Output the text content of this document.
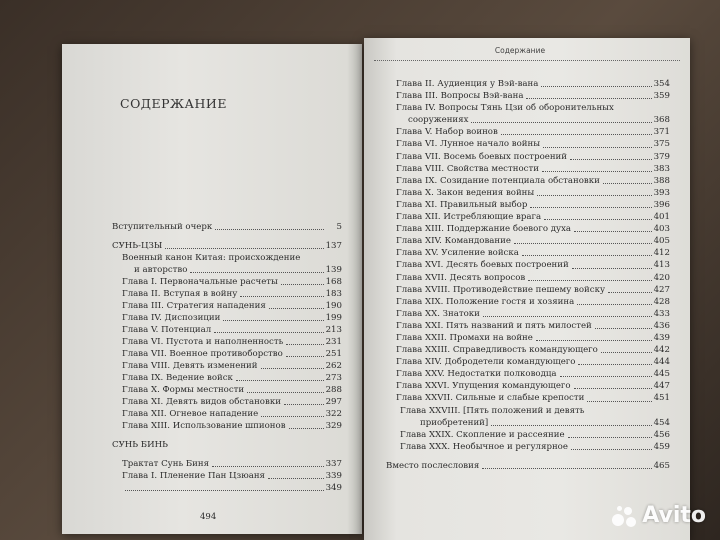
СОДЕРЖАНИЕ
Вступительный очерк	5
СУНЬ-ЦЗЫ	137
Военный канон Китая: происхождение
и авторство	139
Глава I. Первоначальные расчеты	168
Глава II. Вступая в войну	183
Глава III. Стратегия нападения	190
Глава IV. Диспозиции	199
Глава V. Потенциал	213
Глава VI. Пустота и наполненность	231
Глава VII. Военное противоборство	251
Глава VIII. Девять изменений	262
Глава IX. Ведение войск	273
Глава X. Формы местности	288
Глава XI. Девять видов обстановки	297
Глава XII. Огневое нападение	322
Глава XIII. Использование шпионов	329
СУНЬ БИНЬ
Трактат Сунь Биня	337
Глава I. Пленение Пан Цзюаня	339
349
494
Содержание
Глава II. Аудиенция у Вэй-вана	354
Глава III. Вопросы Вэй-вана	359
Глава IV. Вопросы Тянь Цзи об оборонительных
сооружениях	368
Глава V. Набор воинов	371
Глава VI. Лунное начало войны	375
Глава VII. Восемь боевых построений	379
Глава VIII. Свойства местности	383
Глава IX. Созидание потенциала обстановки	388
Глава X. Закон ведения войны	393
Глава XI. Правильный выбор	396
Глава XII. Истребляющие врага	401
Глава XIII. Поддержание боевого духа	403
Глава XIV. Командование	405
Глава XV. Усиление войска	412
Глава XVI. Десять боевых построений	413
Глава XVII. Десять вопросов	420
Глава XVIII. Противодействие пешему войску	427
Глава XIX. Положение гостя и хозяина	428
Глава XX. Знатоки	433
Глава XXI. Пять названий и пять милостей	436
Глава XXII. Промахи на войне	439
Глава XXIII. Справедливость командующего	442
Глава XIV. Добродетели командующего	444
Глава XXV. Недостатки полководца	445
Глава XXVI. Упущения командующего	447
Глава XXVII. Сильные и слабые крепости	451
Глава XXVIII. [Пять положений и девять
приобретений]	454
Глава XXIX. Скопление и рассеяние	456
Глава XXX. Необычное и регулярное	459
Вместо послесловия	465
Avito
